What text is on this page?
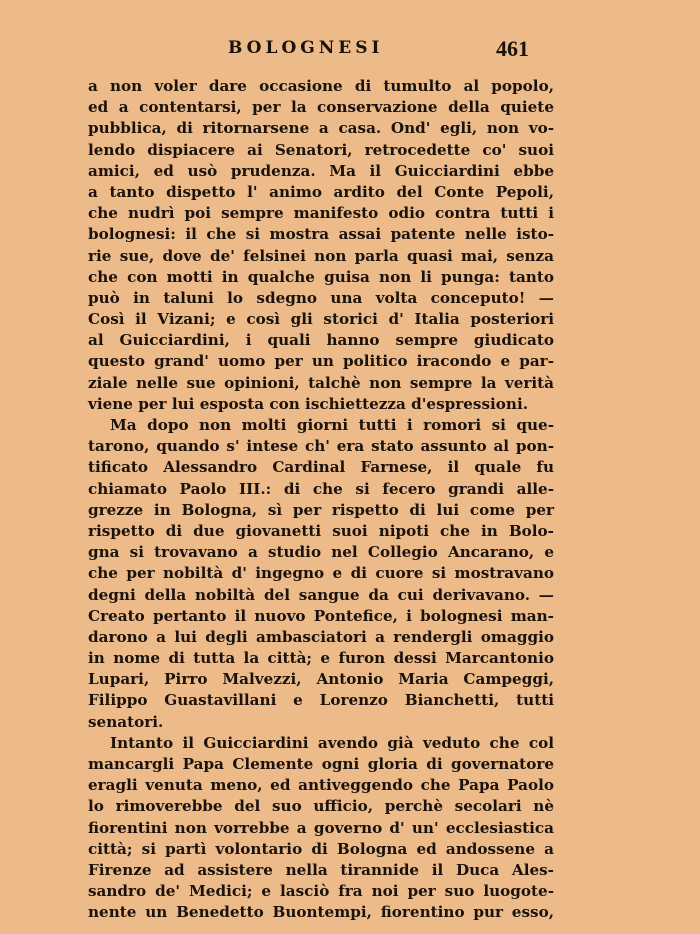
BOLOGNESI	461
a non voler dare occasione di tumulto al popolo,
ed a contentarsi, per la conservazione della quiete
pubblica, di ritornarsene a casa. Ond' egli, non vo-
lendo dispiacere ai Senatori, retrocedette co' suoi
amici, ed usò prudenza. Ma il Guicciardini ebbe
a tanto dispetto l' animo ardito del Conte Pepoli,
che nudrì poi sempre manifesto odio contra tutti i
bolognesi: il che si mostra assai patente nelle isto-
rie sue, dove de' felsinei non parla quasi mai, senza
che con motti in qualche guisa non li punga: tanto
può in taluni lo sdegno una volta conceputo! —
Così il Vizani; e così gli storici d' Italia posteriori
al Guicciardini, i quali hanno sempre giudicato
questo grand' uomo per un politico iracondo e par-
ziale nelle sue opinioni, talchè non sempre la verità
viene per lui esposta con ischiettezza d'espressioni.
Ma dopo non molti giorni tutti i romori si que-
tarono, quando s' intese ch' era stato assunto al pon-
tificato Alessandro Cardinal Farnese, il quale fu
chiamato Paolo III.: di che si fecero grandi alle-
grezze in Bologna, sì per rispetto di lui come per
rispetto di due giovanetti suoi nipoti che in Bolo-
gna si trovavano a studio nel Collegio Ancarano, e
che per nobiltà d' ingegno e di cuore si mostravano
degni della nobiltà del sangue da cui derivavano. —
Creato pertanto il nuovo Pontefice, i bolognesi man-
darono a lui degli ambasciatori a rendergli omaggio
in nome di tutta la città; e furon dessi Marcantonio
Lupari, Pirro Malvezzi, Antonio Maria Campeggi,
Filippo Guastavillani e Lorenzo Bianchetti, tutti
senatori.
Intanto il Guicciardini avendo già veduto che col
mancargli Papa Clemente ogni gloria di governatore
eragli venuta meno, ed antiveggendo che Papa Paolo
lo rimoverebbe del suo ufficio, perchè secolari nè
fiorentini non vorrebbe a governo d' un' ecclesiastica
città; si partì volontario di Bologna ed andossene a
Firenze ad assistere nella tirannide il Duca Ales-
sandro de' Medici; e lasciò fra noi per suo luogote-
nente un Benedetto Buontempi, fiorentino pur esso,
